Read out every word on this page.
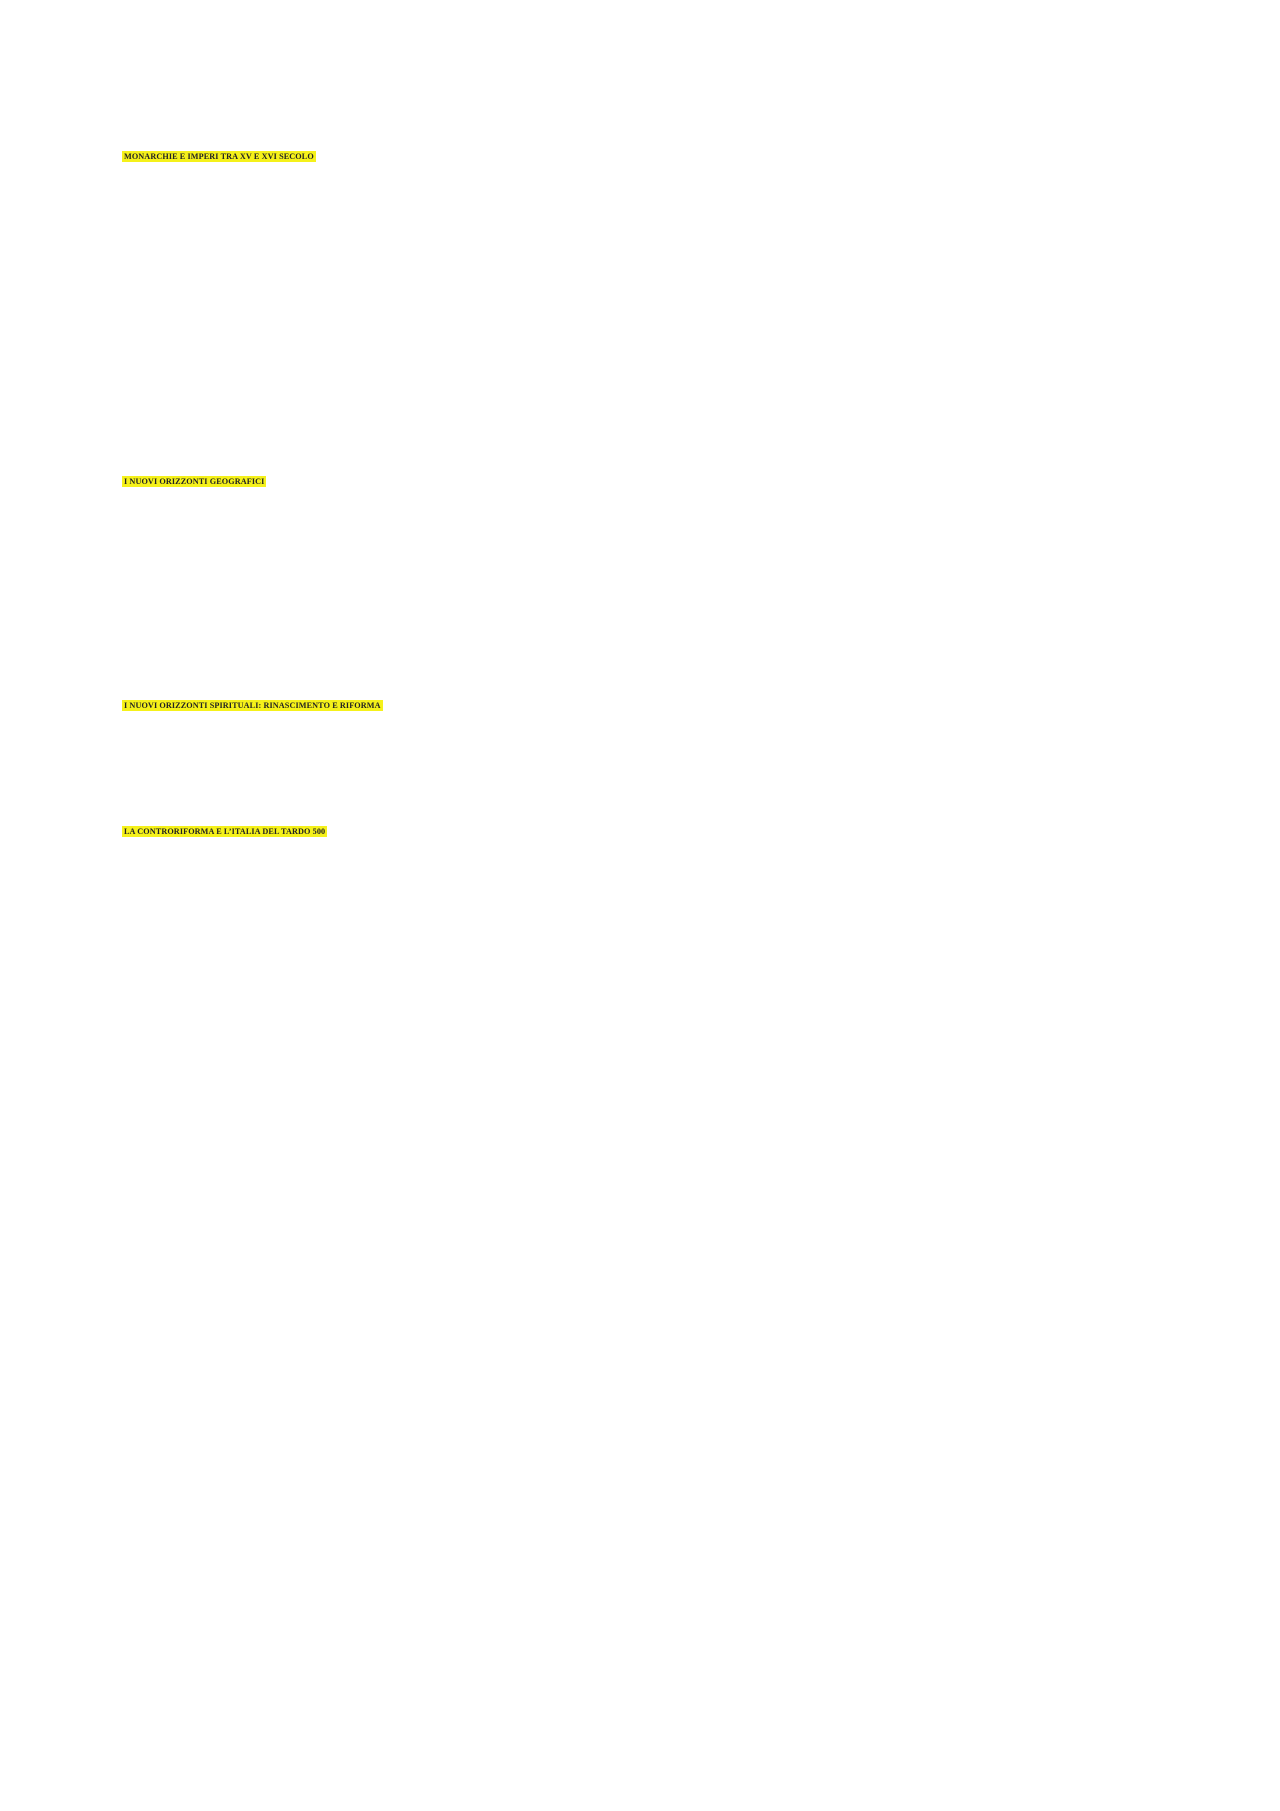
MONARCHIE E IMPERI TRA XV E XVI SECOLO

I NUOVI ORIZZONTI GEOGRAFICI

I NUOVI ORIZZONTI SPIRITUALI: RINASCIMENTO E RIFORMA

LA CONTRORIFORMA E L’ITALIA DEL TARDO 500
